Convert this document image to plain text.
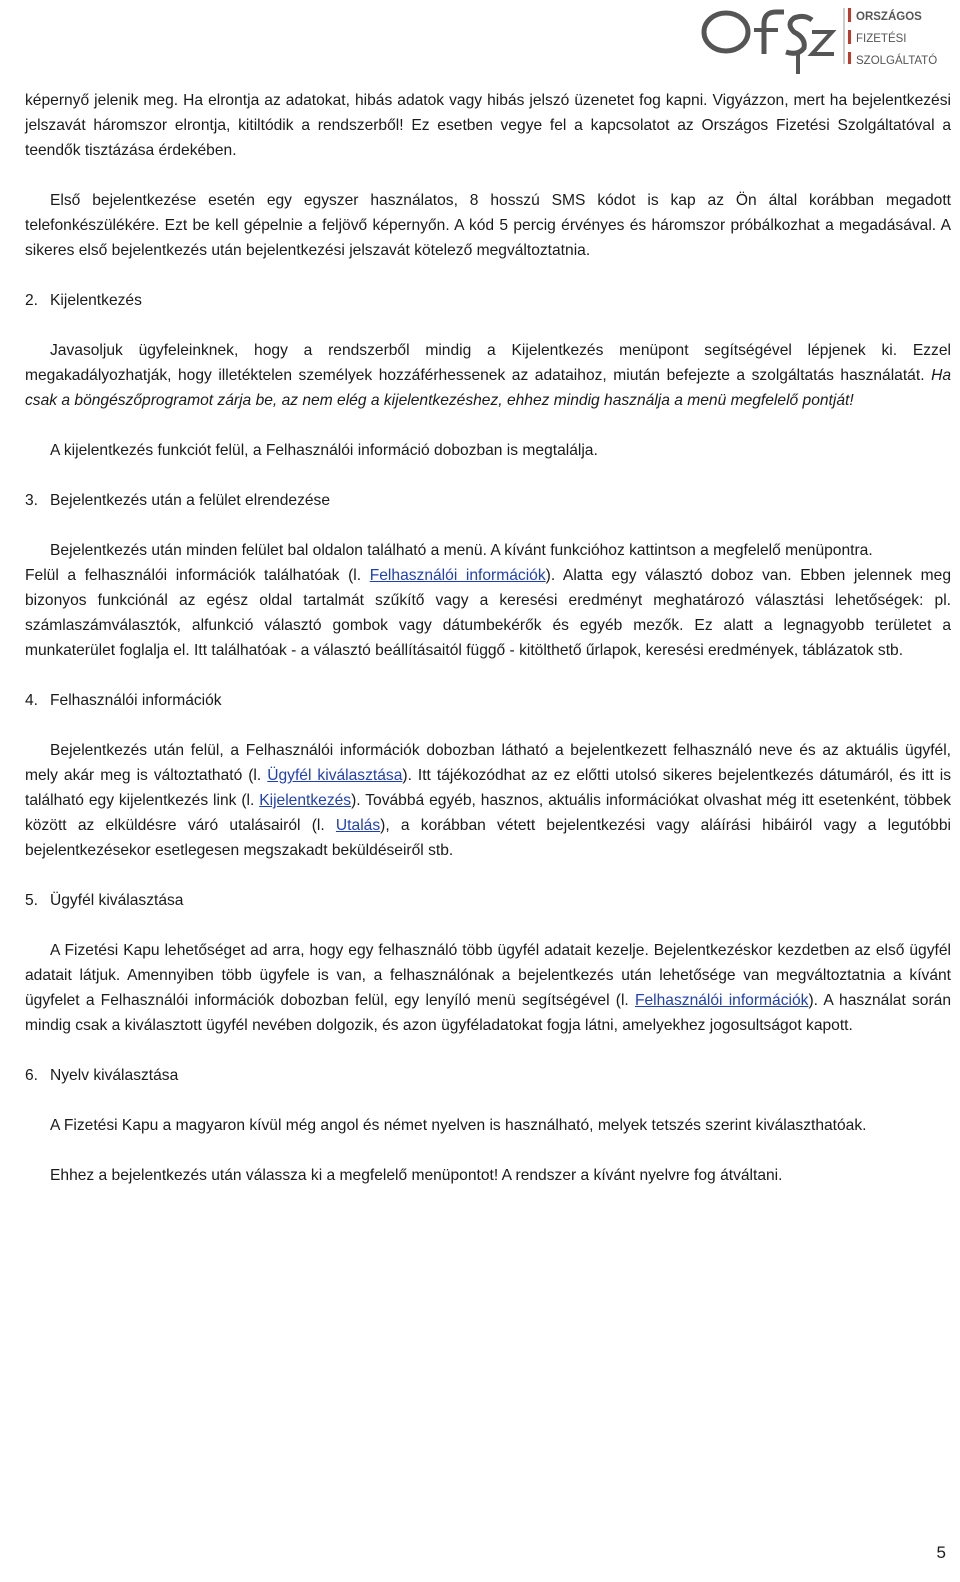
ORSZÁGOS
FIZETÉSI
SZOLGÁLTATÓ

képernyő jelenik meg. Ha elrontja az adatokat, hibás adatok vagy hibás jelszó üzenetet fog kapni. Vigyázzon, mert ha bejelentkezési jelszavát háromszor elrontja, kitiltódik a rendszerből! Ez esetben vegye fel a kapcsolatot az Országos Fizetési Szolgáltatóval a teendők tisztázása érdekében.

Első bejelentkezése esetén egy egyszer használatos, 8 hosszú SMS kódot is kap az Ön által korábban megadott telefonkészülékére. Ezt be kell gépelnie a feljövő képernyőn. A kód 5 percig érvényes és háromszor próbálkozhat a megadásával. A sikeres első bejelentkezés után bejelentkezési jelszavát kötelező megváltoztatnia.

2. Kijelentkezés

Javasoljuk ügyfeleinknek, hogy a rendszerből mindig a Kijelentkezés menüpont segítségével lépjenek ki. Ezzel megakadályozhatják, hogy illetéktelen személyek hozzáférhessenek az adataihoz, miután befejezte a szolgáltatás használatát. Ha csak a böngészőprogramot zárja be, az nem elég a kijelentkezéshez, ehhez mindig használja a menü megfelelő pontját!

A kijelentkezés funkciót felül, a Felhasználói információ dobozban is megtalálja.

3. Bejelentkezés után a felület elrendezése

Bejelentkezés után minden felület bal oldalon található a menü. A kívánt funkcióhoz kattintson a megfelelő menüpontra.

Felül a felhasználói információk találhatóak (l. Felhasználói információk). Alatta egy választó doboz van. Ebben jelennek meg bizonyos funkciónál az egész oldal tartalmát szűkítő vagy a keresési eredményt meghatározó választási lehetőségek: pl. számlaszámválasztók, alfunkció választó gombok vagy dátumbekérők és egyéb mezők. Ez alatt a legnagyobb területet a munkaterület foglalja el. Itt találhatóak - a választó beállításaitól függő - kitölthető űrlapok, keresési eredmények, táblázatok stb.

4. Felhasználói információk

Bejelentkezés után felül, a Felhasználói információk dobozban látható a bejelentkezett felhasználó neve és az aktuális ügyfél, mely akár meg is változtatható (l. Ügyfél kiválasztása). Itt tájékozódhat az ez előtti utolsó sikeres bejelentkezés dátumáról, és itt is található egy kijelentkezés link (l. Kijelentkezés). Továbbá egyéb, hasznos, aktuális információkat olvashat még itt esetenként, többek között az elküldésre váró utalásairól (l. Utalás), a korábban vétett bejelentkezési vagy aláírási hibáiról vagy a legutóbbi bejelentkezésekor esetlegesen megszakadt beküldéseiről stb.

5. Ügyfél kiválasztása

A Fizetési Kapu lehetőséget ad arra, hogy egy felhasználó több ügyfél adatait kezelje. Bejelentkezéskor kezdetben az első ügyfél adatait látjuk. Amennyiben több ügyfele is van, a felhasználónak a bejelentkezés után lehetősége van megváltoztatnia a kívánt ügyfelet a Felhasználói információk dobozban felül, egy lenyíló menü segítségével (l. Felhasználói információk). A használat során mindig csak a kiválasztott ügyfél nevében dolgozik, és azon ügyféladatokat fogja látni, amelyekhez jogosultságot kapott.

6. Nyelv kiválasztása

A Fizetési Kapu a magyaron kívül még angol és német nyelven is használható, melyek tetszés szerint kiválaszthatóak.

Ehhez a bejelentkezés után válassza ki a megfelelő menüpontot! A rendszer a kívánt nyelvre fog átváltani.

5
